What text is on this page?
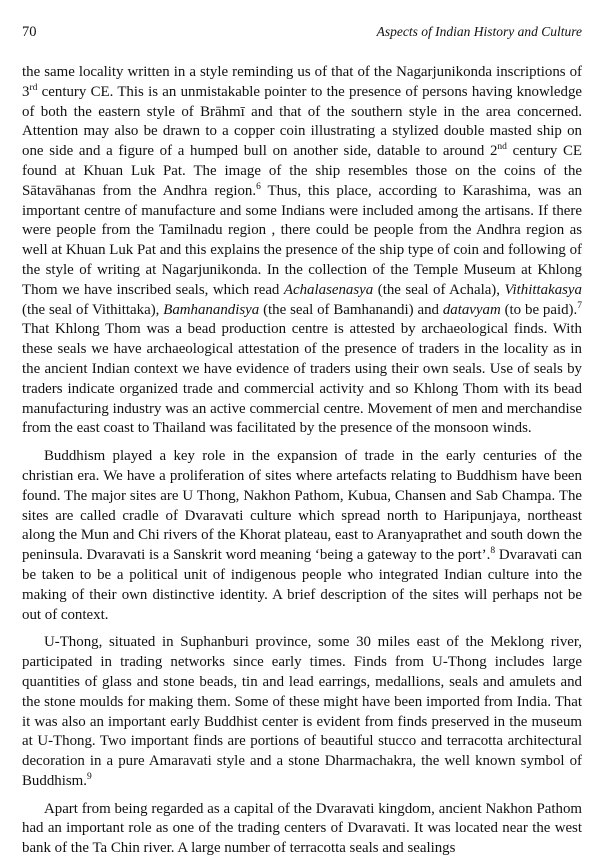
70	Aspects of Indian History and Culture

the same locality written in a style reminding us of that of the Nagarjunikonda inscriptions of 3rd century CE. This is an unmistakable pointer to the presence of persons having knowledge of both the eastern style of Brāhmī and that of the southern style in the area concerned. Attention may also be drawn to a copper coin illustrating a stylized double masted ship on one side and a figure of a humped bull on another side, datable to around 2nd century CE found at Khuan Luk Pat. The image of the ship resembles those on the coins of the Sātavāhanas from the Andhra region.$^6$ Thus, this place, according to Karashima, was an important centre of manufacture and some Indians were included among the artisans. If there were people from the Tamilnadu region , there could be people from the Andhra region as well at Khuan Luk Pat and this explains the presence of the ship type of coin and following of the style of writing at Nagarjunikonda. In the collection of the Temple Museum at Khlong Thom we have inscribed seals, which read Achalasenasya (the seal of Achala), Vithittakasya (the seal of Vithittaka), Bamhanandisya (the seal of Bamhanandi) and datavyam (to be paid).$^7$ That Khlong Thom was a bead production centre is attested by archaeological finds. With these seals we have archaeological attestation of the presence of traders in the locality as in the ancient Indian context we have evidence of traders using their own seals. Use of seals by traders indicate organized trade and commercial activity and so Khlong Thom with its bead manufacturing industry was an active commercial centre. Movement of men and merchandise from the east coast to Thailand was facilitated by the presence of the monsoon winds.

Buddhism played a key role in the expansion of trade in the early centuries of the christian era. We have a proliferation of sites where artefacts relating to Buddhism have been found. The major sites are U Thong, Nakhon Pathom, Kubua, Chansen and Sab Champa. The sites are called cradle of Dvaravati culture which spread north to Haripunjaya, northeast along the Mun and Chi rivers of the Khorat plateau, east to Aranyaprathet and south down the peninsula. Dvaravati is a Sanskrit word meaning ‘being a gateway to the port’.$^8$ Dvaravati can be taken to be a political unit of indigenous people who integrated Indian culture into the making of their own distinctive identity. A brief description of the sites will perhaps not be out of context.

U-Thong, situated in Suphanburi province, some 30 miles east of the Meklong river, participated in trading networks since early times. Finds from U-Thong includes large quantities of glass and stone beads, tin and lead earrings, medallions, seals and amulets and the stone moulds for making them. Some of these might have been imported from India. That it was also an important early Buddhist center is evident from finds preserved in the museum at U-Thong. Two important finds are portions of beautiful stucco and terracotta architectural decoration in a pure Amaravati style and a stone Dharmachakra, the well known symbol of Buddhism.$^9$

Apart from being regarded as a capital of the Dvaravati kingdom, ancient Nakhon Pathom had an important role as one of the trading centers of Dvaravati. It was located near the west bank of the Ta Chin river. A large number of terracotta seals and sealings
